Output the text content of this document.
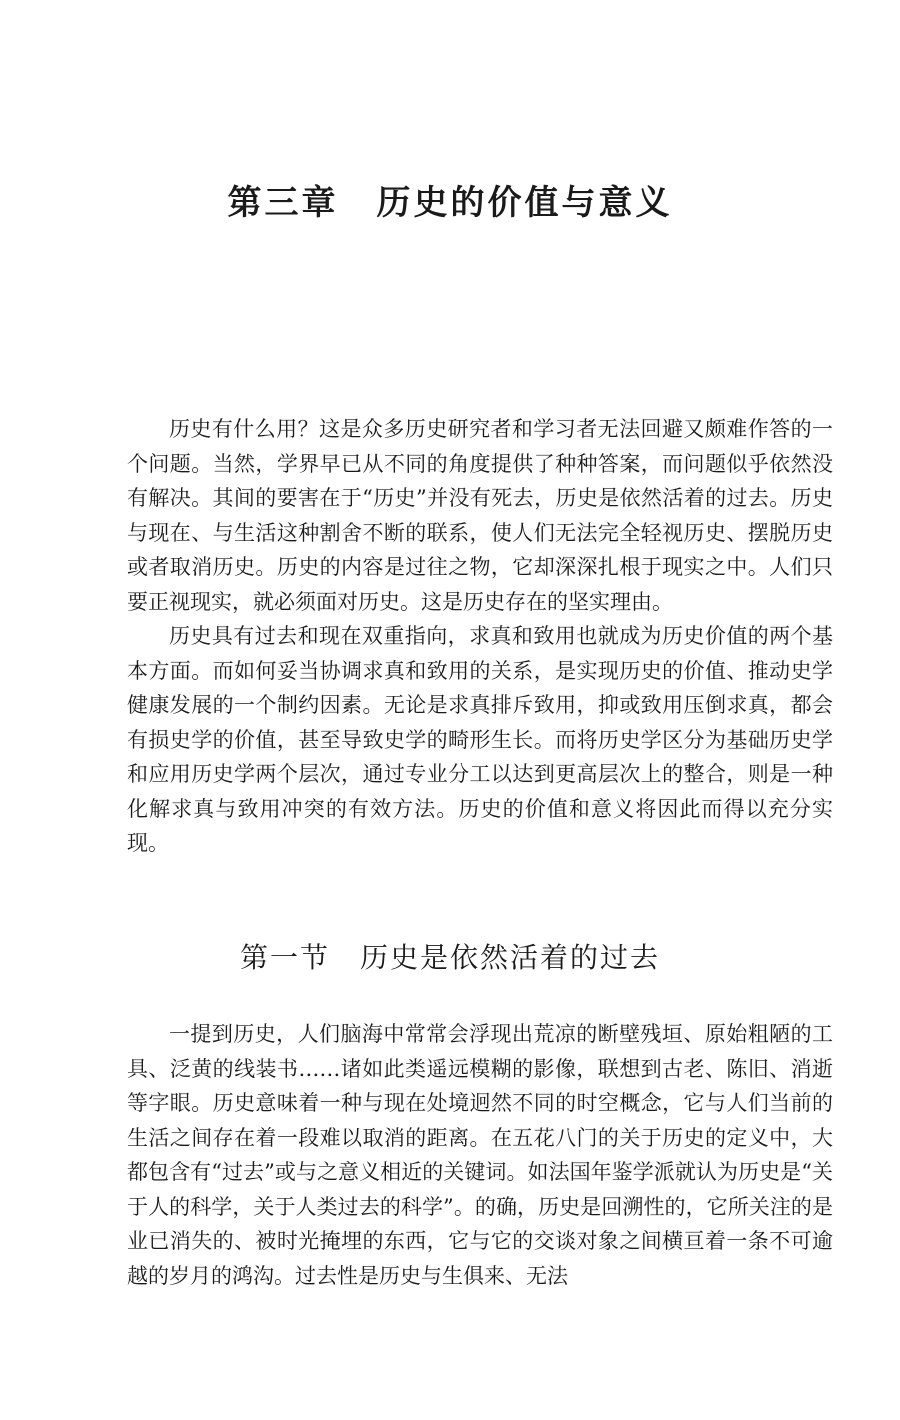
第三章 历史的价值与意义

历史有什么用？这是众多历史研究者和学习者无法回避又颇难作答的一个问题。当然，学界早已从不同的角度提供了种种答案，而问题似乎依然没有解决。其间的要害在于“历史”并没有死去，历史是依然活着的过去。历史与现在、与生活这种割舍不断的联系，使人们无法完全轻视历史、摆脱历史或者取消历史。历史的内容是过往之物，它却深深扎根于现实之中。人们只要正视现实，就必须面对历史。这是历史存在的坚实理由。

历史具有过去和现在双重指向，求真和致用也就成为历史价值的两个基本方面。而如何妥当协调求真和致用的关系，是实现历史的价值、推动史学健康发展的一个制约因素。无论是求真排斥致用，抑或致用压倒求真，都会有损史学的价值，甚至导致史学的畸形生长。而将历史学区分为基础历史学和应用历史学两个层次，通过专业分工以达到更高层次上的整合，则是一种化解求真与致用冲突的有效方法。历史的价值和意义将因此而得以充分实现。

第一节 历史是依然活着的过去

一提到历史，人们脑海中常常会浮现出荒凉的断壁残垣、原始粗陋的工具、泛黄的线装书……诸如此类遥远模糊的影像，联想到古老、陈旧、消逝等字眼。历史意味着一种与现在处境迥然不同的时空概念，它与人们当前的生活之间存在着一段难以取消的距离。在五花八门的关于历史的定义中，大都包含有“过去”或与之意义相近的关键词。如法国年鉴学派就认为历史是“关于人的科学，关于人类过去的科学”。的确，历史是回溯性的，它所关注的是业已消失的、被时光掩埋的东西，它与它的交谈对象之间横亘着一条不可逾越的岁月的鸿沟。过去性是历史与生俱来、无法
